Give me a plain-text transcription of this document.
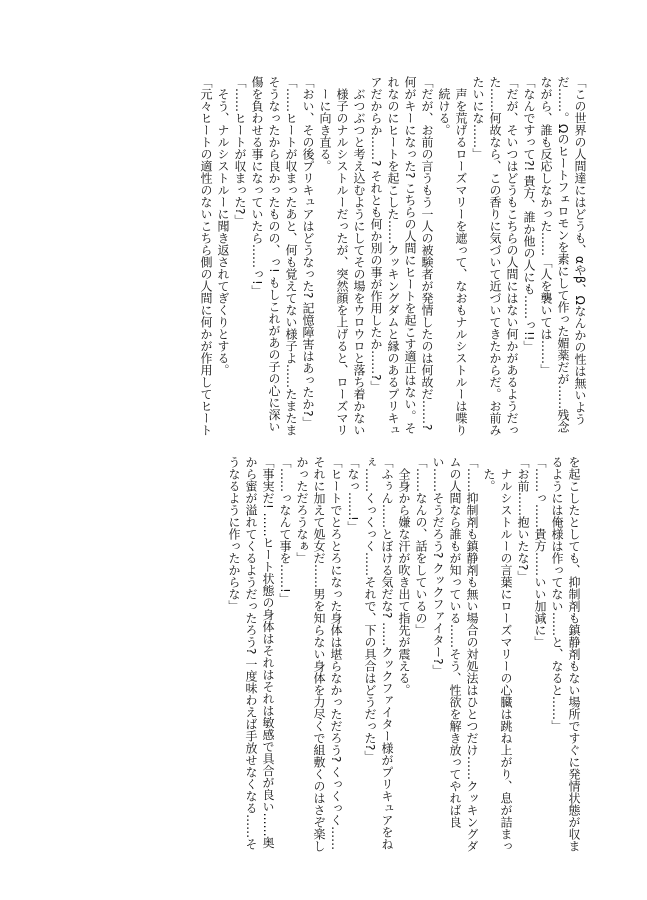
「この世界の人間達にはどうも、αやβ、Ωなんかの性は無いようだ……。Ωのヒートフェロモンを素にして作った媚薬だが……残念ながら、誰も反応しなかった……「人を襲いては……」

「なんですって?! 貴方、誰か他の人にも……っ!!」

「だが、そいつはどうもこちらの人間にはない何かがあるようだった……何故なら、この香りに気づいて近づいてきたからだ。お前みたいにな……」

声を荒げるローズマリーを遮って、なおもナルシストルーは喋り続ける。

「だが、お前の言うもう一人の被験者が発情したのは何故だ……?何がキーになった? こちらの人間にヒートを起こす適正はない。それなのにヒートを起こした……クッキングダムと縁のあるプリキュアだからか……? それとも何か別の事が作用したか……?」

ぶつぶつと考え込むようにしてその場をウロウロと落ち着かない様子のナルシストルーだったが、突然顔を上げると、ローズマリーに向き直る。

「おい、その後プリキュアはどうなった? 記憶障害はあったか?」

「……ヒートが収まったあと、何も覚えてない様子よ……たまたまそうなったから良かったものの、っ! もしこれがあの子の心に深い傷を負わせる事になっていたら……っ!」

「……ヒートが収まった?」

そう、ナルシストルーに聞き返されてぎくりとする。

「元々ヒートの適性のないこちら側の人間に何かが作用してヒート

を起こしたとしても、抑制剤も鎮静剤もない場所ですぐに発情状態が収まるようには俺様は作ってない……と、なると……」

「……っ……貴方……いい加減に」

「お前……抱いたな?」

ナルシストルーの言葉にローズマリーの心臓は跳ね上がり、息が詰まった。

「……抑制剤も鎮静剤も無い場合の対処法はひとつだけ……クッキングダムの人間なら誰もが知っている……そう、性欲を解き放ってやれば良い……そうだろう? クックファイター?」

「……なんの、話をしているの」

全身から嫌な汗が吹き出て指先が震える。

「ふぅん……とぼける気だな? ……クックファイター様がプリキュアをねぇ……くっくっく……それで、下の具合はどうだった?」

「なっ……!」

「ヒートでとろとろになった身体は堪らなかっただろう? くっくっく……それに加えて処女だ……男を知らない身体を力尽くで組敷くのはさぞ楽しかっただろうなぁ」

「……っなんて事を……!」

「事実だ! ……ヒート状態の身体はそれはそれは敏感で具合が良い……奥から蜜が溢れてくるようだったろう? 一度味わえば手放せなくなる……そうなるように作ったからな」
